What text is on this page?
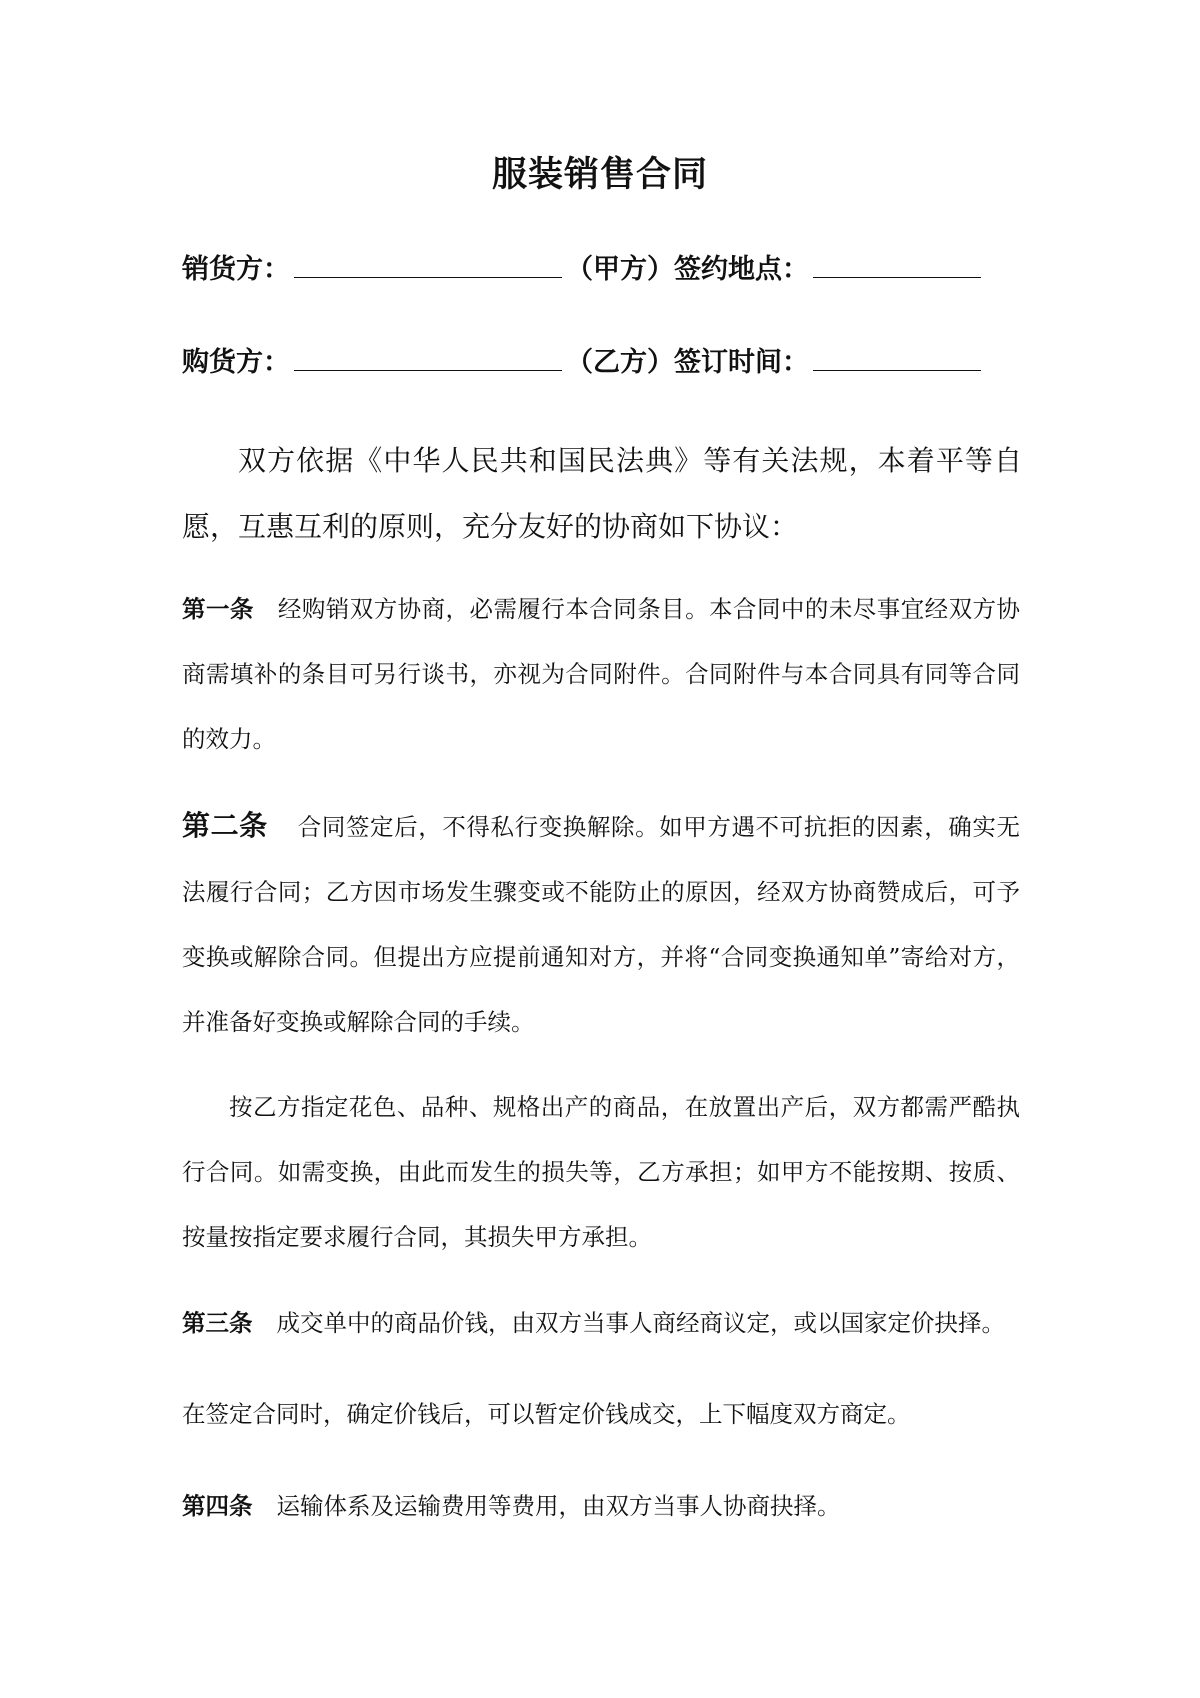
服装销售合同
销货方：	（甲方）签约地点：
购货方：	（乙方）签订时间：
双方依据《中华人民共和国民法典》等有关法规，本着平等自愿，互惠互利的原则，充分友好的协商如下协议：
第一条 经购销双方协商，必需履行本合同条目。本合同中的未尽事宜经双方协商需填补的条目可另行谈书，亦视为合同附件。合同附件与本合同具有同等合同的效力。
第二条 合同签定后，不得私行变换解除。如甲方遇不可抗拒的因素，确实无法履行合同；乙方因市场发生骤变或不能防止的原因，经双方协商赞成后，可予变换或解除合同。但提出方应提前通知对方，并将“合同变换通知单”寄给对方，并准备好变换或解除合同的手续。
按乙方指定花色、品种、规格出产的商品，在放置出产后，双方都需严酷执行合同。如需变换，由此而发生的损失等，乙方承担；如甲方不能按期、按质、按量按指定要求履行合同，其损失甲方承担。
第三条 成交单中的商品价钱，由双方当事人商经商议定，或以国家定价抉择。
在签定合同时，确定价钱后，可以暂定价钱成交，上下幅度双方商定。
第四条 运输体系及运输费用等费用，由双方当事人协商抉择。
